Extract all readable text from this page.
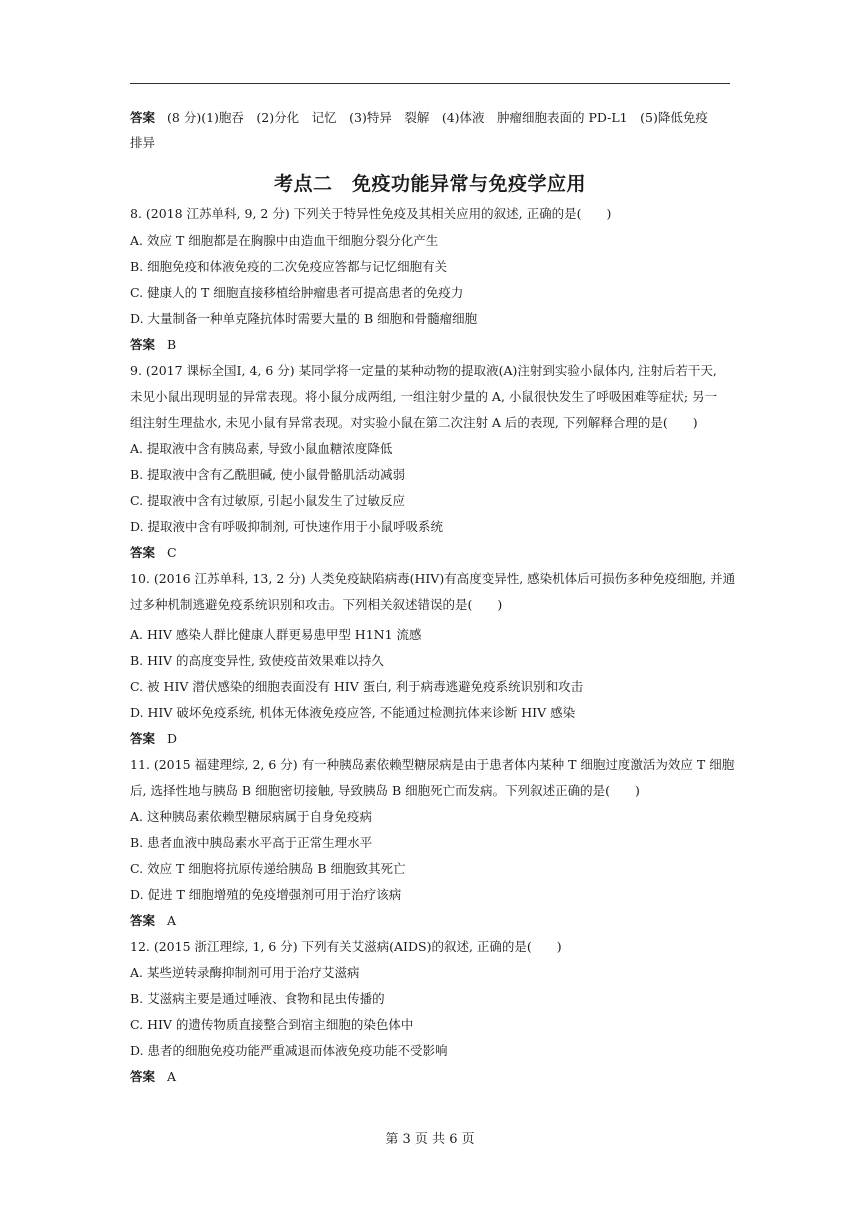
答案 (8 分)(1)胞吞　(2)分化　记忆　(3)特异　裂解　(4)体液　肿瘤细胞表面的 PD-L1　(5)降低免疫
排异
考点二　免疫功能异常与免疫学应用
8. (2018 江苏单科, 9, 2 分) 下列关于特异性免疫及其相关应用的叙述, 正确的是(　　)
A. 效应 T 细胞都是在胸腺中由造血干细胞分裂分化产生
B. 细胞免疫和体液免疫的二次免疫应答都与记忆细胞有关
C. 健康人的 T 细胞直接移植给肿瘤患者可提高患者的免疫力
D. 大量制备一种单克隆抗体时需要大量的 B 细胞和骨髓瘤细胞
答案 B
9. (2017 课标全国Ⅰ, 4, 6 分) 某同学将一定量的某种动物的提取液(A)注射到实验小鼠体内, 注射后若干天,
未见小鼠出现明显的异常表现。将小鼠分成两组, 一组注射少量的 A, 小鼠很快发生了呼吸困难等症状; 另一
组注射生理盐水, 未见小鼠有异常表现。对实验小鼠在第二次注射 A 后的表现, 下列解释合理的是(　　)
A. 提取液中含有胰岛素, 导致小鼠血糖浓度降低
B. 提取液中含有乙酰胆碱, 使小鼠骨骼肌活动减弱
C. 提取液中含有过敏原, 引起小鼠发生了过敏反应
D. 提取液中含有呼吸抑制剂, 可快速作用于小鼠呼吸系统
答案 C
10. (2016 江苏单科, 13, 2 分) 人类免疫缺陷病毒(HIV)有高度变异性, 感染机体后可损伤多种免疫细胞, 并通
过多种机制逃避免疫系统识别和攻击。下列相关叙述错误的是(　　)
A. HIV 感染人群比健康人群更易患甲型 H1N1 流感
B. HIV 的高度变异性, 致使疫苗效果难以持久
C. 被 HIV 潜伏感染的细胞表面没有 HIV 蛋白, 利于病毒逃避免疫系统识别和攻击
D. HIV 破坏免疫系统, 机体无体液免疫应答, 不能通过检测抗体来诊断 HIV 感染
答案 D
11. (2015 福建理综, 2, 6 分) 有一种胰岛素依赖型糖尿病是由于患者体内某种 T 细胞过度激活为效应 T 细胞
后, 选择性地与胰岛 B 细胞密切接触, 导致胰岛 B 细胞死亡而发病。下列叙述正确的是(　　)
A. 这种胰岛素依赖型糖尿病属于自身免疫病
B. 患者血液中胰岛素水平高于正常生理水平
C. 效应 T 细胞将抗原传递给胰岛 B 细胞致其死亡
D. 促进 T 细胞增殖的免疫增强剂可用于治疗该病
答案 A
12. (2015 浙江理综, 1, 6 分) 下列有关艾滋病(AIDS)的叙述, 正确的是(　　)
A. 某些逆转录酶抑制剂可用于治疗艾滋病
B. 艾滋病主要是通过唾液、食物和昆虫传播的
C. HIV 的遗传物质直接整合到宿主细胞的染色体中
D. 患者的细胞免疫功能严重减退而体液免疫功能不受影响
答案 A
第 3 页 共 6 页
